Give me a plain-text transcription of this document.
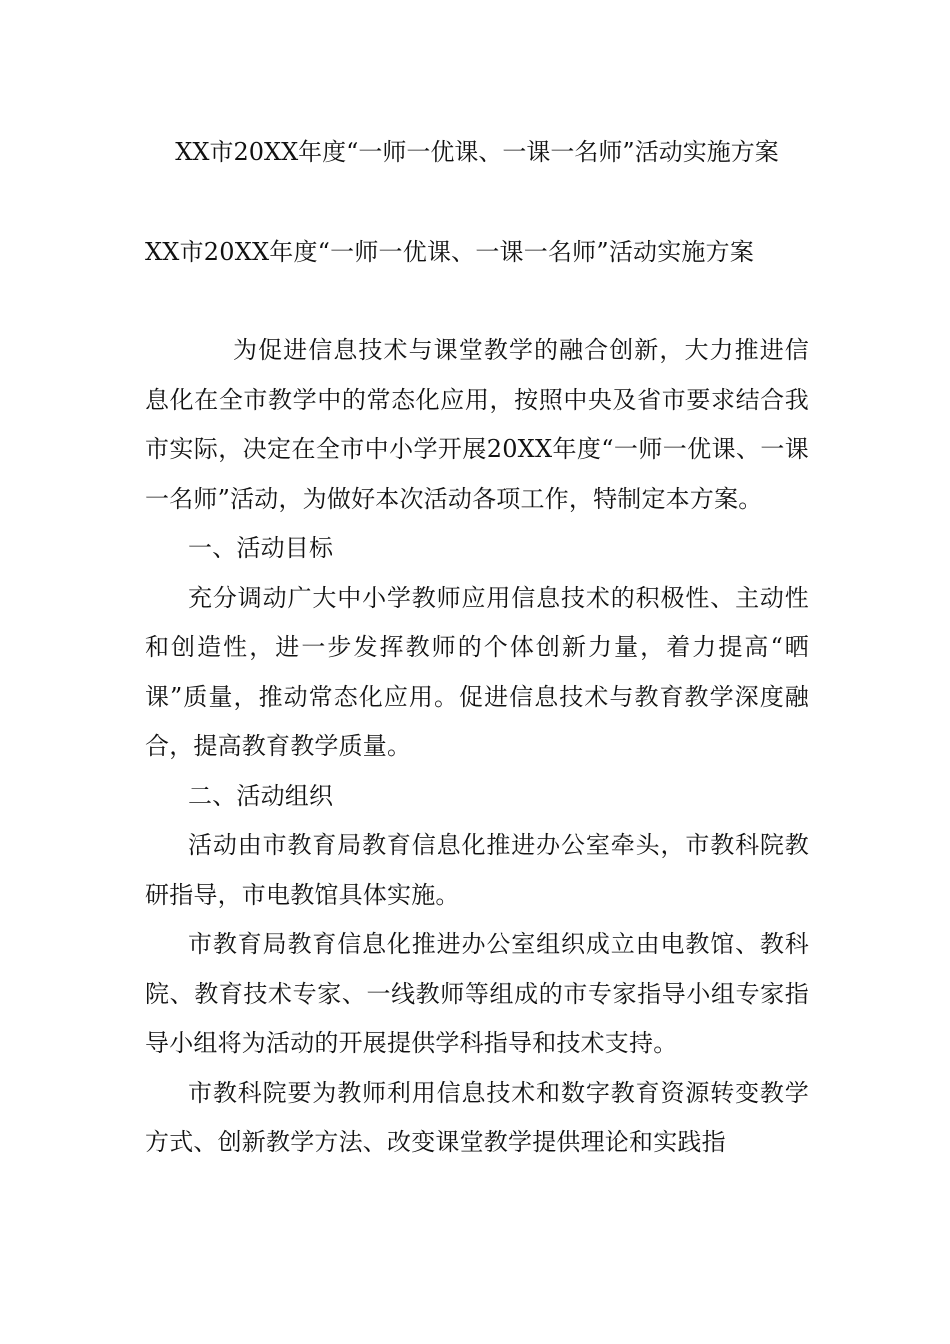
XX市20XX年度“一师一优课、一课一名师”活动实施方案

XX市20XX年度“一师一优课、一课一名师”活动实施方案

为促进信息技术与课堂教学的融合创新，大力推进信息化在全市教学中的常态化应用，按照中央及省市要求结合我市实际，决定在全市中小学开展20XX年度“一师一优课、一课一名师”活动，为做好本次活动各项工作，特制定本方案。

一、活动目标

充分调动广大中小学教师应用信息技术的积极性、主动性和创造性，进一步发挥教师的个体创新力量，着力提高“晒课”质量，推动常态化应用。促进信息技术与教育教学深度融合，提高教育教学质量。

二、活动组织

活动由市教育局教育信息化推进办公室牵头，市教科院教研指导，市电教馆具体实施。

市教育局教育信息化推进办公室组织成立由电教馆、教科院、教育技术专家、一线教师等组成的市专家指导小组专家指导小组将为活动的开展提供学科指导和技术支持。

市教科院要为教师利用信息技术和数字教育资源转变教学方式、创新教学方法、改变课堂教学提供理论和实践指
